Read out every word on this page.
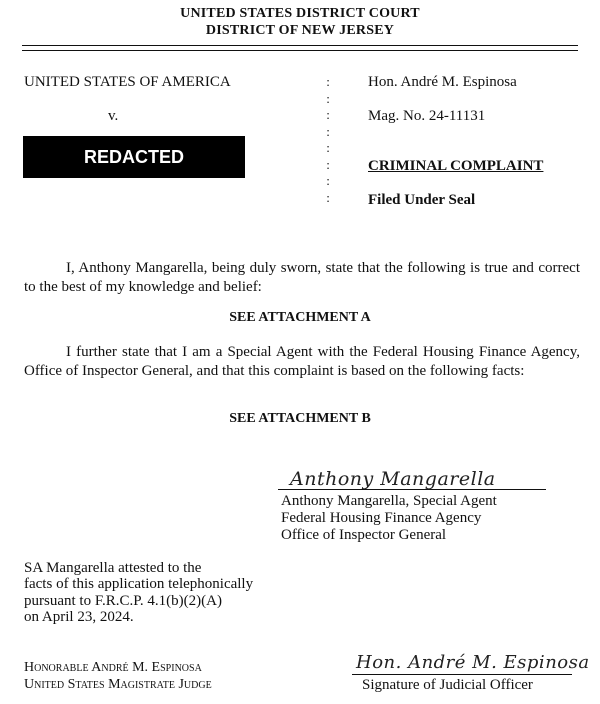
UNITED STATES DISTRICT COURT
DISTRICT OF NEW JERSEY
UNITED STATES OF AMERICA
v.
REDACTED
:
:
:
:
:
:
:
:
Hon. André M. Espinosa
Mag. No. 24-11131
CRIMINAL COMPLAINT
Filed Under Seal
I, Anthony Mangarella, being duly sworn, state that the following is true and correct to the best of my knowledge and belief:
SEE ATTACHMENT A
I further state that I am a Special Agent with the Federal Housing Finance Agency, Office of Inspector General, and that this complaint is based on the following facts:
SEE ATTACHMENT B
Anthony Mangarella
Anthony Mangarella, Special Agent
Federal Housing Finance Agency
Office of Inspector General
SA Mangarella attested to the
facts of this application telephonically
pursuant to F.R.C.P. 4.1(b)(2)(A)
on April 23, 2024.
Honorable André M. Espinosa
United States Magistrate Judge
Hon. André M. Espinosa
Signature of Judicial Officer
